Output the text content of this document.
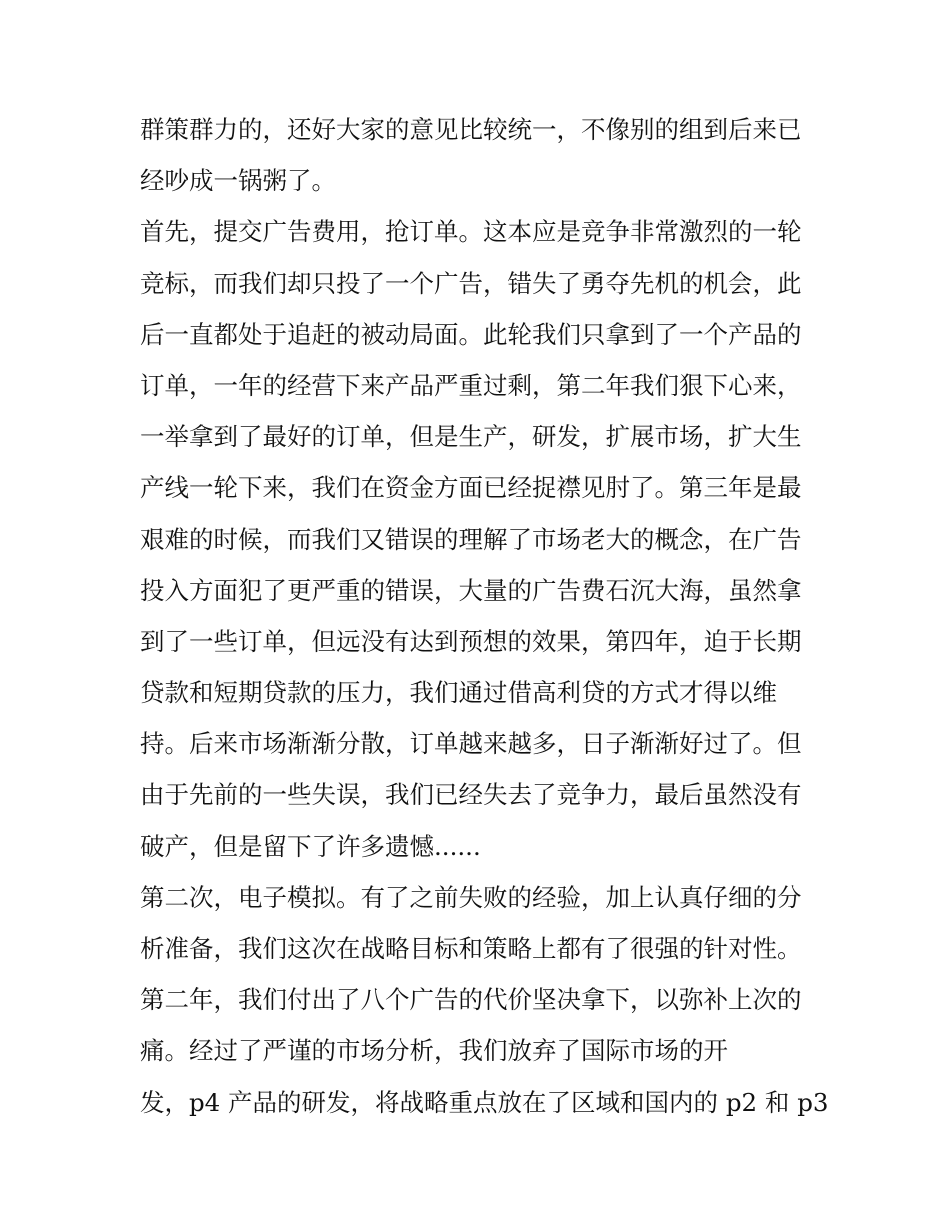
群策群力的，还好大家的意见比较统一，不像别的组到后来已
经吵成一锅粥了。
首先，提交广告费用，抢订单。这本应是竞争非常激烈的一轮
竞标，而我们却只投了一个广告，错失了勇夺先机的机会，此
后一直都处于追赶的被动局面。此轮我们只拿到了一个产品的
订单，一年的经营下来产品严重过剩，第二年我们狠下心来，
一举拿到了最好的订单，但是生产，研发，扩展市场，扩大生
产线一轮下来，我们在资金方面已经捉襟见肘了。第三年是最
艰难的时候，而我们又错误的理解了市场老大的概念，在广告
投入方面犯了更严重的错误，大量的广告费石沉大海，虽然拿
到了一些订单，但远没有达到预想的效果，第四年，迫于长期
贷款和短期贷款的压力，我们通过借高利贷的方式才得以维
持。后来市场渐渐分散，订单越来越多，日子渐渐好过了。但
由于先前的一些失误，我们已经失去了竞争力，最后虽然没有
破产，但是留下了许多遗憾......
第二次，电子模拟。有了之前失败的经验，加上认真仔细的分
析准备，我们这次在战略目标和策略上都有了很强的针对性。
第二年，我们付出了八个广告的代价坚决拿下，以弥补上次的
痛。经过了严谨的市场分析，我们放弃了国际市场的开
发，p4 产品的研发，将战略重点放在了区域和国内的 p2 和 p3
